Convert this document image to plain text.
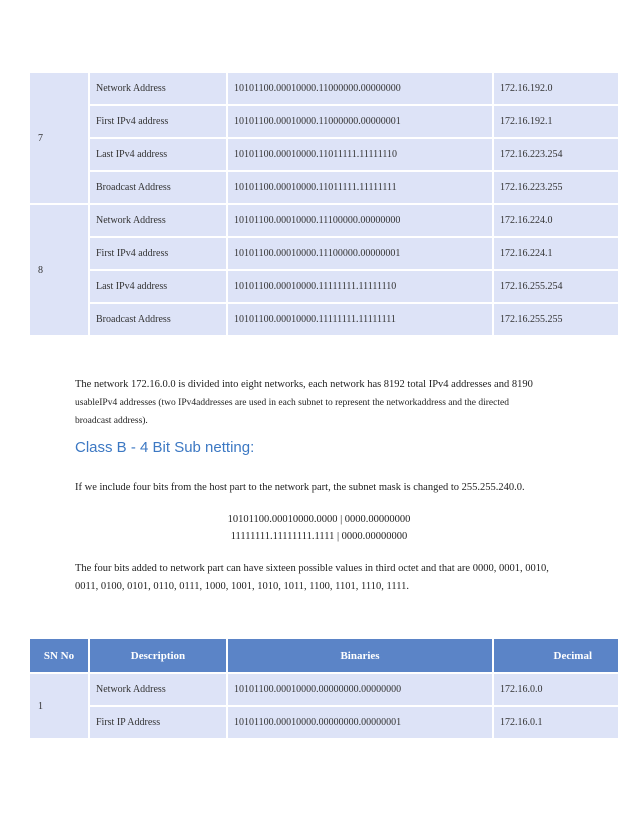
7	Network Address	10101100.00010000.11000000.00000000	172.16.192.0
	First IPv4 address	10101100.00010000.11000000.00000001	172.16.192.1
	Last IPv4 address	10101100.00010000.11011111.11111110	172.16.223.254
	Broadcast Address	10101100.00010000.11011111.11111111	172.16.223.255
8	Network Address	10101100.00010000.11100000.00000000	172.16.224.0
	First IPv4 address	10101100.00010000.11100000.00000001	172.16.224.1
	Last IPv4 address	10101100.00010000.11111111.11111110	172.16.255.254
	Broadcast Address	10101100.00010000.11111111.11111111	172.16.255.255
The network 172.16.0.0 is divided into eight networks, each network has 8192 total IPv4 addresses and 8190
usableIPv4 addresses (two IPv4addresses are used in each subnet to represent the networkaddress and the directed
broadcast address).
Class B - 4 Bit Sub netting:
If we include four bits from the host part to the network part, the subnet mask is changed to 255.255.240.0.
10101100.00010000.0000 | 0000.00000000
11111111.11111111.1111 | 0000.00000000
The four bits added to network part can have sixteen possible values in third octet and that are 0000, 0001, 0010,
0011, 0100, 0101, 0110, 0111, 1000, 1001, 1010, 1011, 1100, 1101, 1110, 1111.
SN No	Description	Binaries	Decimal
1	Network Address	10101100.00010000.00000000.00000000	172.16.0.0
	First IP Address	10101100.00010000.00000000.00000001	172.16.0.1
